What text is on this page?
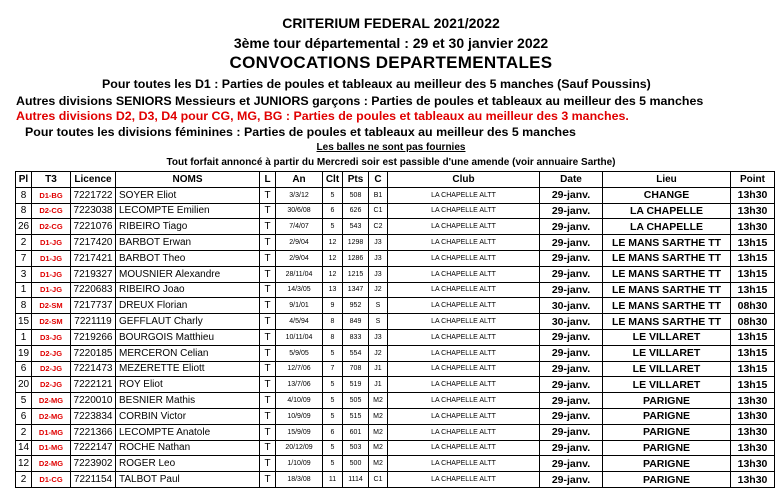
CRITERIUM FEDERAL 2021/2022
3ème tour départemental : 29 et 30 janvier 2022
CONVOCATIONS DEPARTEMENTALES
Pour toutes les D1 : Parties de poules et tableaux au meilleur des 5 manches (Sauf Poussins)
Autres divisions SENIORS Messieurs et JUNIORS garçons : Parties de poules et tableaux au meilleur des 5 manches
Autres divisions D2, D3, D4 pour CG, MG, BG : Parties de poules et tableaux au meilleur des 3 manches.
Pour toutes les divisions féminines : Parties de poules et tableaux au meilleur des 5 manches
Les balles ne sont pas fournies
Tout forfait annoncé à partir du Mercredi soir est passible d'une amende (voir annuaire Sarthe)
Pl	T3	Licence	NOMS	L	An	Clt	Pts	C	Club	Date	Lieu	Point
8	D1-BG	7221722	SOYER Eliot	T	3/3/12	5	508	B1	LA CHAPELLE ALTT	29-janv.	CHANGE	13h30
8	D2-CG	7223038	LECOMPTE Emilien	T	30/6/08	6	626	C1	LA CHAPELLE ALTT	29-janv.	LA CHAPELLE	13h30
26	D2-CG	7221076	RIBEIRO Tiago	T	7/4/07	5	543	C2	LA CHAPELLE ALTT	29-janv.	LA CHAPELLE	13h30
2	D1-JG	7217420	BARBOT Erwan	T	2/9/04	12	1298	J3	LA CHAPELLE ALTT	29-janv.	LE MANS SARTHE TT	13h15
7	D1-JG	7217421	BARBOT Theo	T	2/9/04	12	1286	J3	LA CHAPELLE ALTT	29-janv.	LE MANS SARTHE TT	13h15
3	D1-JG	7219327	MOUSNIER Alexandre	T	28/11/04	12	1215	J3	LA CHAPELLE ALTT	29-janv.	LE MANS SARTHE TT	13h15
1	D1-JG	7220683	RIBEIRO Joao	T	14/3/05	13	1347	J2	LA CHAPELLE ALTT	29-janv.	LE MANS SARTHE TT	13h15
8	D2-SM	7217737	DREUX Florian	T	9/1/01	9	952	S	LA CHAPELLE ALTT	30-janv.	LE MANS SARTHE TT	08h30
15	D2-SM	7221119	GEFFLAUT Charly	T	4/5/94	8	849	S	LA CHAPELLE ALTT	30-janv.	LE MANS SARTHE TT	08h30
1	D3-JG	7219266	BOURGOIS Matthieu	T	10/11/04	8	833	J3	LA CHAPELLE ALTT	29-janv.	LE VILLARET	13h15
19	D2-JG	7220185	MERCERON Celian	T	5/9/05	5	554	J2	LA CHAPELLE ALTT	29-janv.	LE VILLARET	13h15
6	D2-JG	7221473	MEZERETTE Eliott	T	12/7/06	7	708	J1	LA CHAPELLE ALTT	29-janv.	LE VILLARET	13h15
20	D2-JG	7222121	ROY Eliot	T	13/7/06	5	519	J1	LA CHAPELLE ALTT	29-janv.	LE VILLARET	13h15
5	D2-MG	7220010	BESNIER Mathis	T	4/10/09	5	505	M2	LA CHAPELLE ALTT	29-janv.	PARIGNE	13h30
6	D2-MG	7223834	CORBIN Victor	T	10/9/09	5	515	M2	LA CHAPELLE ALTT	29-janv.	PARIGNE	13h30
2	D1-MG	7221366	LECOMPTE Anatole	T	15/9/09	6	601	M2	LA CHAPELLE ALTT	29-janv.	PARIGNE	13h30
14	D1-MG	7222147	ROCHE Nathan	T	20/12/09	5	503	M2	LA CHAPELLE ALTT	29-janv.	PARIGNE	13h30
12	D2-MG	7223902	ROGER Leo	T	1/10/09	5	500	M2	LA CHAPELLE ALTT	29-janv.	PARIGNE	13h30
2	D1-CG	7221154	TALBOT Paul	T	18/3/08	11	1114	C1	LA CHAPELLE ALTT	29-janv.	PARIGNE	13h30
